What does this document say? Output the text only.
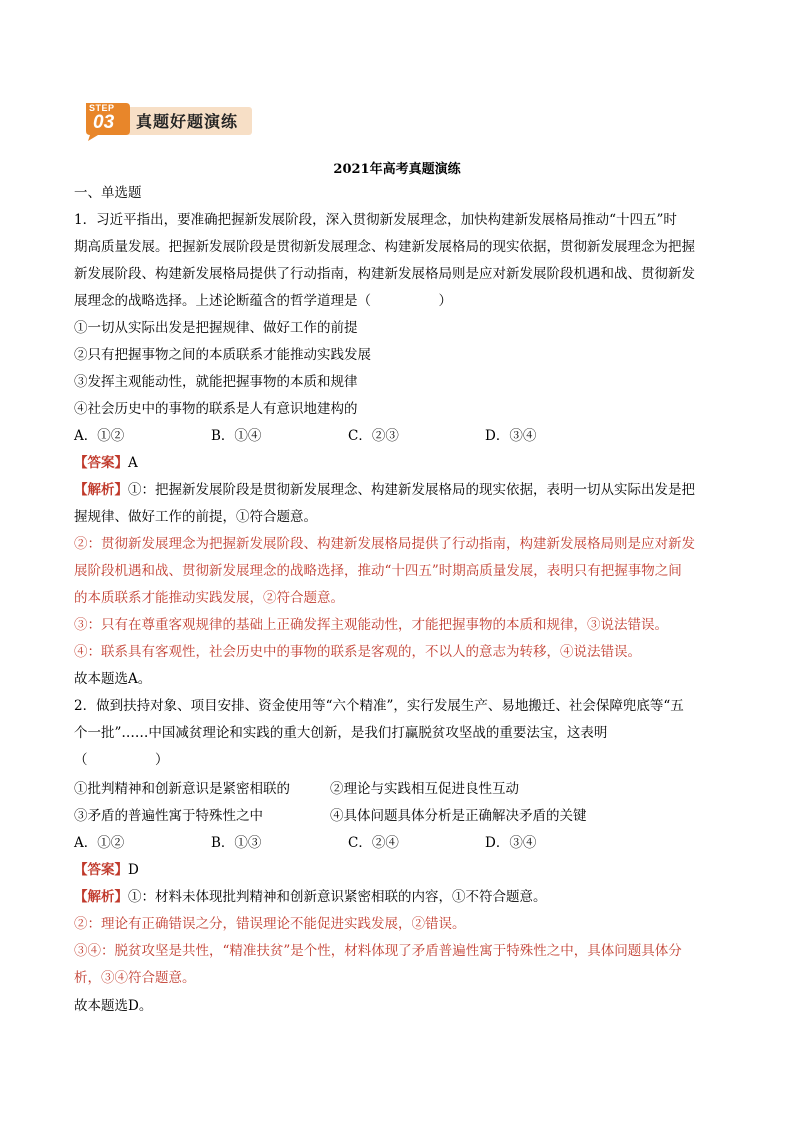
STEP
03 真题好题演练
2021年高考真题演练
一、单选题
1．习近平指出，要准确把握新发展阶段，深入贯彻新发展理念，加快构建新发展格局推动“十四五”时
期高质量发展。把握新发展阶段是贯彻新发展理念、构建新发展格局的现实依据，贯彻新发展理念为把握
新发展阶段、构建新发展格局提供了行动指南，构建新发展格局则是应对新发展阶段机遇和战、贯彻新发
展理念的战略选择。上述论断蕴含的哲学道理是（　　　　　）
①一切从实际出发是把握规律、做好工作的前提
②只有把握事物之间的本质联系才能推动实践发展
③发挥主观能动性，就能把握事物的本质和规律
④社会历史中的事物的联系是人有意识地建构的
A．①②	B．①④	C．②③	D．③④
【答案】A
【解析】①：把握新发展阶段是贯彻新发展理念、构建新发展格局的现实依据，表明一切从实际出发是把
握规律、做好工作的前提，①符合题意。
②：贯彻新发展理念为把握新发展阶段、构建新发展格局提供了行动指南，构建新发展格局则是应对新发
展阶段机遇和战、贯彻新发展理念的战略选择，推动“十四五”时期高质量发展，表明只有把握事物之间
的本质联系才能推动实践发展，②符合题意。
③：只有在尊重客观规律的基础上正确发挥主观能动性，才能把握事物的本质和规律，③说法错误。
④：联系具有客观性，社会历史中的事物的联系是客观的，不以人的意志为转移，④说法错误。
故本题选A。
2．做到扶持对象、项目安排、资金使用等“六个精准”，实行发展生产、易地搬迁、社会保障兜底等“五
个一批”……中国减贫理论和实践的重大创新，是我们打赢脱贫攻坚战的重要法宝，这表明
（　　　　　）
①批判精神和创新意识是紧密相联的	②理论与实践相互促进良性互动
③矛盾的普遍性寓于特殊性之中	④具体问题具体分析是正确解决矛盾的关键
A．①②	B．①③	C．②④	D．③④
【答案】D
【解析】①：材料未体现批判精神和创新意识紧密相联的内容，①不符合题意。
②：理论有正确错误之分，错误理论不能促进实践发展，②错误。
③④：脱贫攻坚是共性，“精准扶贫”是个性，材料体现了矛盾普遍性寓于特殊性之中，具体问题具体分
析，③④符合题意。
故本题选D。
